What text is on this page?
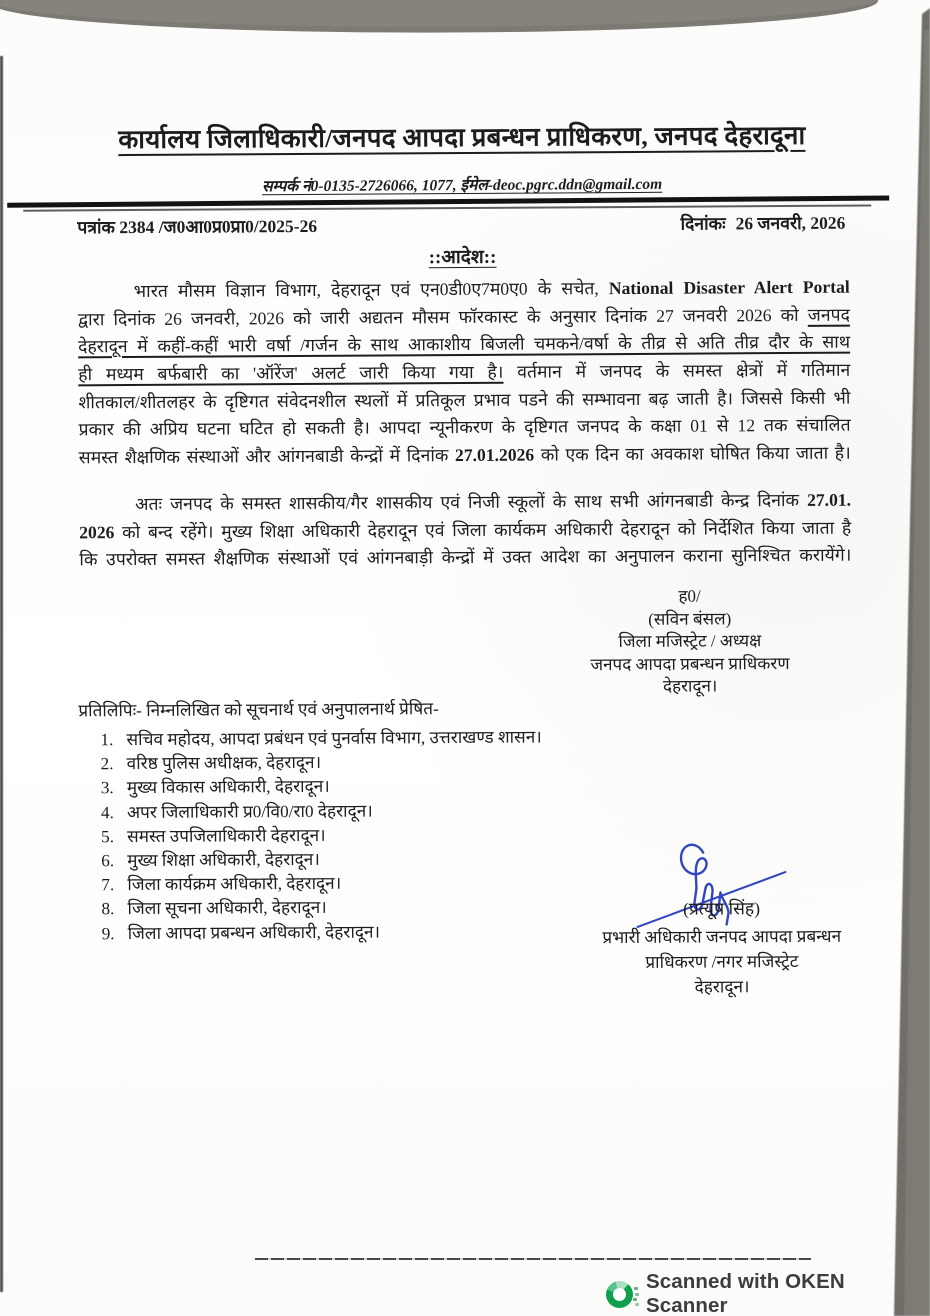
कार्यालय जिलाधिकारी/जनपद आपदा प्रबन्धन प्राधिकरण, जनपद देहरादूना
सम्पर्क नं0-0135-2726066, 1077, ईमेल-deoc.pgrc.ddn@gmail.com
पत्रांक 2384 /ज0आ0प्र0प्रा0/2025-26	दिनांकः 26 जनवरी, 2026
::आदेश::
भारत मौसम विज्ञान विभाग, देहरादून एवं एन0डी0ए7म0ए0 के सचेत, National Disaster Alert Portal
द्वारा दिनांक 26 जनवरी, 2026 को जारी अद्यतन मौसम फॉरकास्ट के अनुसार दिनांक 27 जनवरी 2026 को जनपद
देहरादून में कहीं-कहीं भारी वर्षा /गर्जन के साथ आकाशीय बिजली चमकने/वर्षा के तीव्र से अति तीव्र दौर के साथ
ही मध्यम बर्फबारी का 'ऑरेंज' अलर्ट जारी किया गया है। वर्तमान में जनपद के समस्त क्षेत्रों में गतिमान
शीतकाल/शीतलहर के दृष्टिगत संवेदनशील स्थलों में प्रतिकूल प्रभाव पडने की सम्भावना बढ़ जाती है। जिससे किसी भी
प्रकार की अप्रिय घटना घटित हो सकती है। आपदा न्यूनीकरण के दृष्टिगत जनपद के कक्षा 01 से 12 तक संचालित
समस्त शैक्षणिक संस्थाओं और आंगनबाडी केन्द्रों में दिनांक 27.01.2026 को एक दिन का अवकाश घोषित किया जाता है।
अतः जनपद के समस्त शासकीय/गैर शासकीय एवं निजी स्कूलों के साथ सभी आंगनबाडी केन्द्र दिनांक 27.01.
2026 को बन्द रहेंगे। मुख्य शिक्षा अधिकारी देहरादून एवं जिला कार्यकम अधिकारी देहरादून को निर्देशित किया जाता है
कि उपरोक्त समस्त शैक्षणिक संस्थाओं एवं आंगनबाड़ी केन्द्रों में उक्त आदेश का अनुपालन कराना सुनिश्चित करायेंगे।
ह0/
(सविन बंसल)
जिला मजिस्ट्रेट / अध्यक्ष
जनपद आपदा प्रबन्धन प्राधिकरण
देहरादून।
प्रतिलिपिः- निम्नलिखित को सूचनार्थ एवं अनुपालनार्थ प्रेषित-
1. सचिव महोदय, आपदा प्रबंधन एवं पुनर्वास विभाग, उत्तराखण्ड शासन।
2. वरिष्ठ पुलिस अधीक्षक, देहरादून।
3. मुख्य विकास अधिकारी, देहरादून।
4. अपर जिलाधिकारी प्र0/वि0/रा0 देहरादून।
5. समस्त उपजिलाधिकारी देहरादून।
6. मुख्य शिक्षा अधिकारी, देहरादून।
7. जिला कार्यक्रम अधिकारी, देहरादून।
8. जिला सूचना अधिकारी, देहरादून।
9. जिला आपदा प्रबन्धन अधिकारी, देहरादून।
(प्रत्यूष सिंह)
प्रभारी अधिकारी जनपद आपदा प्रबन्धन
प्राधिकरण /नगर मजिस्ट्रेट
देहरादून।
Scanned with OKEN Scanner
